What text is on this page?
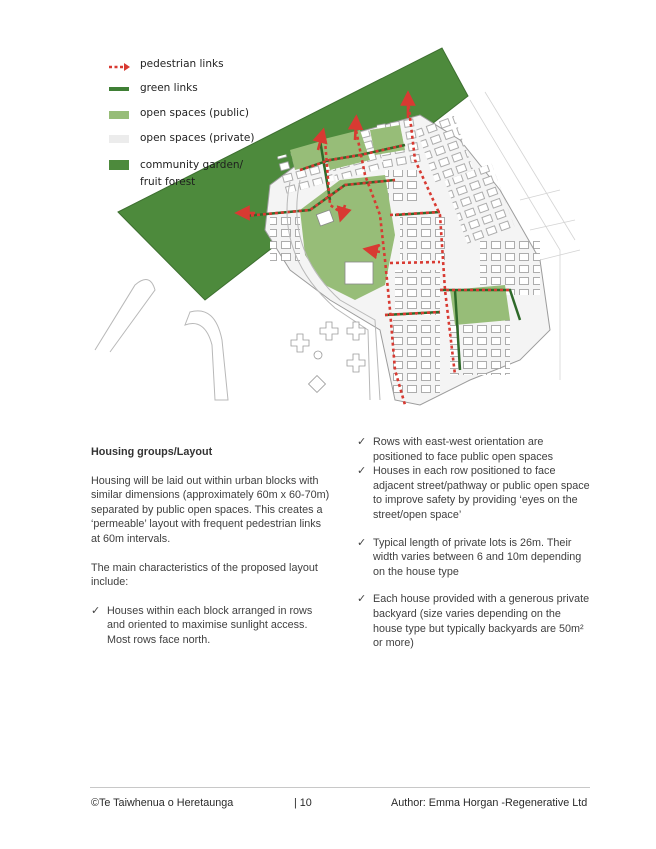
pedestrian links
green links
open spaces (public)
open spaces (private)
community garden/
fruit forest

Housing groups/Layout

Housing will be laid out within urban blocks with similar dimensions (approximately 60m x 60-70m) separated by public open spaces. This creates a ‘permeable’ layout with frequent pedestrian links at 60m intervals.

The main characteristics of the proposed layout include:

✓ Houses within each block arranged in rows and oriented to maximise sunlight access. Most rows face north.
✓ Rows with east-west orientation are positioned to face public open spaces
✓ Houses in each row positioned to face adjacent street/pathway or public open space to improve safety by providing ‘eyes on the street/open space’
✓ Typical length of private lots is 26m. Their width varies between 6 and 10m depending on the house type
✓ Each house provided with a generous private backyard (size varies depending on the house type but typically backyards are 50m² or more)
©Te Taiwhenua o Heretaunga	| 10	Author: Emma Horgan -Regenerative Ltd
